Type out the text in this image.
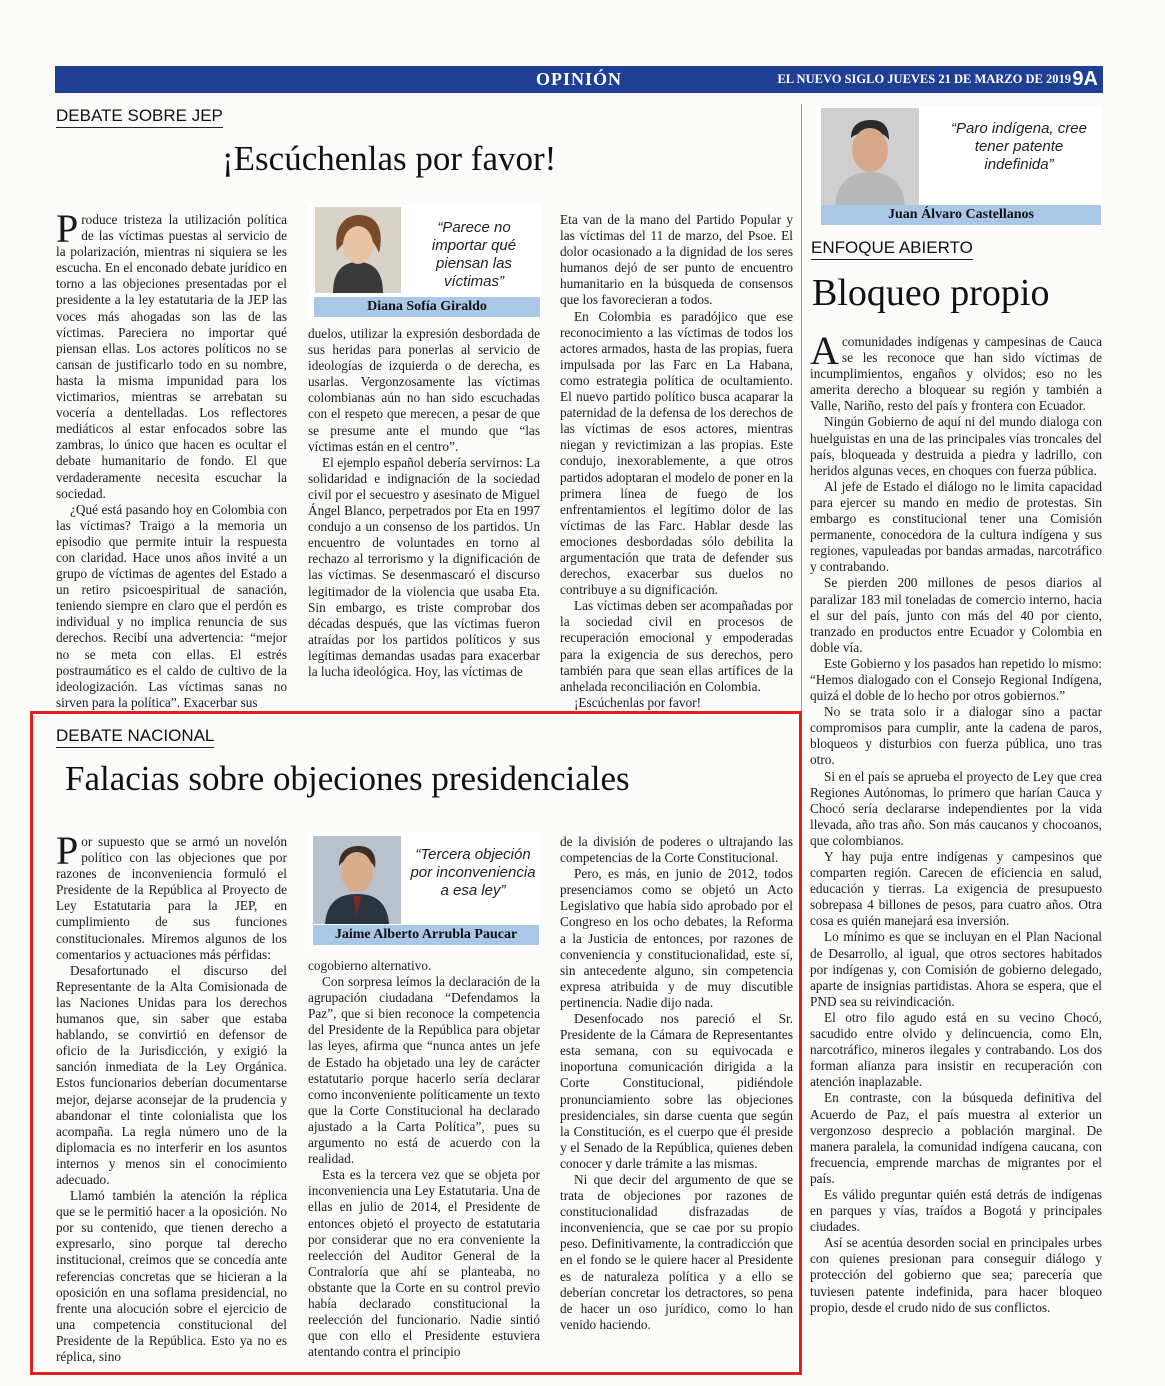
OPINIÓN	EL NUEVO SIGLO JUEVES 21 DE MARZO DE 2019 9A
DEBATE SOBRE JEP
¡Escúchenlas por favor!

Produce tristeza la utilización política de las víctimas puestas al servicio de la polarización, mientras ni siquiera se les escucha. En el enconado debate jurídico en torno a las objeciones presentadas por el presidente a la ley estatutaria de la JEP las voces más ahogadas son las de las víctimas. Pareciera no importar qué piensan ellas. Los actores políticos no se cansan de justificarlo todo en su nombre, hasta la misma impunidad para los victimarios, mientras se arrebatan su vocería a dentelladas. Los reflectores mediáticos al estar enfocados sobre las zambras, lo único que hacen es ocultar el debate humanitario de fondo. El que verdaderamente necesita escuchar la sociedad.

¿Qué está pasando hoy en Colombia con las víctimas? Traigo a la memoria un episodio que permite intuir la respuesta con claridad. Hace unos años invité a un grupo de víctimas de agentes del Estado a un retiro psicoespiritual de sanación, teniendo siempre en claro que el perdón es individual y no implica renuncia de sus derechos. Recibí una advertencia: “mejor no se meta con ellas. El estrés postraumático es el caldo de cultivo de la ideologización. Las víctimas sanas no sirven para la política”. Exacerbar sus

“Parece no importar qué piensan las víctimas”
Diana Sofía Giraldo

duelos, utilizar la expresión desbordada de sus heridas para ponerlas al servicio de ideologías de izquierda o de derecha, es usarlas. Vergonzosamente las víctimas colombianas aún no han sido escuchadas con el respeto que merecen, a pesar de que se presume ante el mundo que “las víctimas están en el centro”.

El ejemplo español debería servirnos: La solidaridad e indignación de la sociedad civil por el secuestro y asesinato de Miguel Ángel Blanco, perpetrados por Eta en 1997 condujo a un consenso de los partidos. Un encuentro de voluntades en torno al rechazo al terrorismo y la dignificación de las víctimas. Se desenmascaró el discurso legitimador de la violencia que usaba Eta. Sin embargo, es triste comprobar dos décadas después, que las víctimas fueron atraídas por los partidos políticos y sus legítimas demandas usadas para exacerbar la lucha ideológica. Hoy, las víctimas de

Eta van de la mano del Partido Popular y las víctimas del 11 de marzo, del Psoe. El dolor ocasionado a la dignidad de los seres humanos dejó de ser punto de encuentro humanitario en la búsqueda de consensos que los favorecieran a todos.

En Colombia es paradójico que ese reconocimiento a las víctimas de todos los actores armados, hasta de las propias, fuera impulsada por las Farc en La Habana, como estrategia política de ocultamiento. El nuevo partido político busca acaparar la paternidad de la defensa de los derechos de las víctimas de esos actores, mientras niegan y revictimizan a las propias. Este condujo, inexorablemente, a que otros partidos adoptaran el modelo de poner en la primera línea de fuego de los enfrentamientos el legítimo dolor de las víctimas de las Farc. Hablar desde las emociones desbordadas sólo debilita la argumentación que trata de defender sus derechos, exacerbar sus duelos no contribuye a su dignificación.

Las víctimas deben ser acompañadas por la sociedad civil en procesos de recuperación emocional y empoderadas para la exigencia de sus derechos, pero también para que sean ellas artífices de la anhelada reconciliación en Colombia.

¡Escúchenlas por favor!

DEBATE NACIONAL
Falacias sobre objeciones presidenciales

Por supuesto que se armó un novelón político con las objeciones que por razones de inconveniencia formuló el Presidente de la República al Proyecto de Ley Estatutaria para la JEP, en cumplimiento de sus funciones constitucionales. Miremos algunos de los comentarios y actuaciones más pérfidas:

Desafortunado el discurso del Representante de la Alta Comisionada de las Naciones Unidas para los derechos humanos que, sin saber que estaba hablando, se convirtió en defensor de oficio de la Jurisdicción, y exigió la sanción inmediata de la Ley Orgánica. Estos funcionarios deberían documentarse mejor, dejarse aconsejar de la prudencia y abandonar el tinte colonialista que los acompaña. La regla número uno de la diplomacia es no interferir en los asuntos internos y menos sin el conocimiento adecuado.

Llamó también la atención la réplica que se le permitió hacer a la oposición. No por su contenido, que tienen derecho a expresarlo, sino porque tal derecho institucional, creímos que se concedía ante referencias concretas que se hicieran a la oposición en una soflama presidencial, no frente una alocución sobre el ejercicio de una competencia constitucional del Presidente de la República. Esto ya no es réplica, sino

“Tercera objeción por inconveniencia a esa ley”
Jaime Alberto Arrubla Paucar

cogobierno alternativo.

Con sorpresa leímos la declaración de la agrupación ciudadana “Defendamos la Paz”, que si bien reconoce la competencia del Presidente de la República para objetar las leyes, afirma que “nunca antes un jefe de Estado ha objetado una ley de carácter estatutario porque hacerlo sería declarar como inconveniente políticamente un texto que la Corte Constitucional ha declarado ajustado a la Carta Política”, pues su argumento no está de acuerdo con la realidad.

Esta es la tercera vez que se objeta por inconveniencia una Ley Estatutaria. Una de ellas en julio de 2014, el Presidente de entonces objetó el proyecto de estatutaria por considerar que no era conveniente la reelección del Auditor General de la Contraloría que ahí se planteaba, no obstante que la Corte en su control previo había declarado constitucional la reelección del funcionario. Nadie sintió que con ello el Presidente estuviera atentando contra el principio

de la división de poderes o ultrajando las competencias de la Corte Constitucional.

Pero, es más, en junio de 2012, todos presenciamos como se objetó un Acto Legislativo que había sido aprobado por el Congreso en los ocho debates, la Reforma a la Justicia de entonces, por razones de conveniencia y constitucionalidad, este sí, sin antecedente alguno, sin competencia expresa atribuida y de muy discutible pertinencia. Nadie dijo nada.

Desenfocado nos pareció el Sr. Presidente de la Cámara de Representantes esta semana, con su equivocada e inoportuna comunicación dirigida a la Corte Constitucional, pidiéndole pronunciamiento sobre las objeciones presidenciales, sin darse cuenta que según la Constitución, es el cuerpo que él preside y el Senado de la República, quienes deben conocer y darle trámite a las mismas.

Ni que decir del argumento de que se trata de objeciones por razones de constitucionalidad disfrazadas de inconveniencia, que se cae por su propio peso. Definitivamente, la contradicción que en el fondo se le quiere hacer al Presidente es de naturaleza política y a ello se deberían concretar los detractores, so pena de hacer un oso jurídico, como lo han venido haciendo.

“Paro indígena, cree tener patente indefinida”
Juan Álvaro Castellanos
ENFOQUE ABIERTO
Bloqueo propio

A comunidades indígenas y campesinas de Cauca se les reconoce que han sido víctimas de incumplimientos, engaños y olvidos; eso no les amerita derecho a bloquear su región y también a Valle, Nariño, resto del país y frontera con Ecuador.

Ningún Gobierno de aquí ni del mundo dialoga con huelguistas en una de las principales vías troncales del país, bloqueada y destruida a piedra y ladrillo, con heridos algunas veces, en choques con fuerza pública.

Al jefe de Estado el diálogo no le limita capacidad para ejercer su mando en medio de protestas. Sin embargo es constitucional tener una Comisión permanente, conocedora de la cultura indígena y sus regiones, vapuleadas por bandas armadas, narcotráfico y contrabando.

Se pierden 200 millones de pesos diarios al paralizar 183 mil toneladas de comercio interno, hacia el sur del país, junto con más del 40 por ciento, tranzado en productos entre Ecuador y Colombia en doble vía.

Este Gobierno y los pasados han repetido lo mismo: “Hemos dialogado con el Consejo Regional Indígena, quizá el doble de lo hecho por otros gobiernos.”

No se trata solo ir a dialogar sino a pactar compromisos para cumplir, ante la cadena de paros, bloqueos y disturbios con fuerza pública, uno tras otro.

Si en el país se aprueba el proyecto de Ley que crea Regiones Autónomas, lo primero que harían Cauca y Chocó sería declararse independientes por la vida llevada, año tras año. Son más caucanos y chocoanos, que colombianos.

Y hay puja entre indígenas y campesinos que comparten región. Carecen de eficiencia en salud, educación y tierras. La exigencia de presupuesto sobrepasa 4 billones de pesos, para cuatro años. Otra cosa es quién manejará esa inversión.

Lo mínimo es que se incluyan en el Plan Nacional de Desarrollo, al igual, que otros sectores habitados por indígenas y, con Comisión de gobierno delegado, aparte de insignias partidistas. Ahora se espera, que el PND sea su reivindicación.

El otro filo agudo está en su vecino Chocó, sacudido entre olvido y delincuencia, como Eln, narcotráfico, mineros ilegales y contrabando. Los dos forman alianza para insistir en recuperación con atención inaplazable.

En contraste, con la búsqueda definitiva del Acuerdo de Paz, el país muestra al exterior un vergonzoso desprecio a población marginal. De manera paralela, la comunidad indígena caucana, con frecuencia, emprende marchas de migrantes por el país.

Es válido preguntar quién está detrás de indígenas en parques y vías, traídos a Bogotá y principales ciudades.

Así se acentúa desorden social en principales urbes con quienes presionan para conseguir diálogo y protección del gobierno que sea; parecería que tuviesen patente indefinida, para hacer bloqueo propio, desde el crudo nido de sus conflictos.
